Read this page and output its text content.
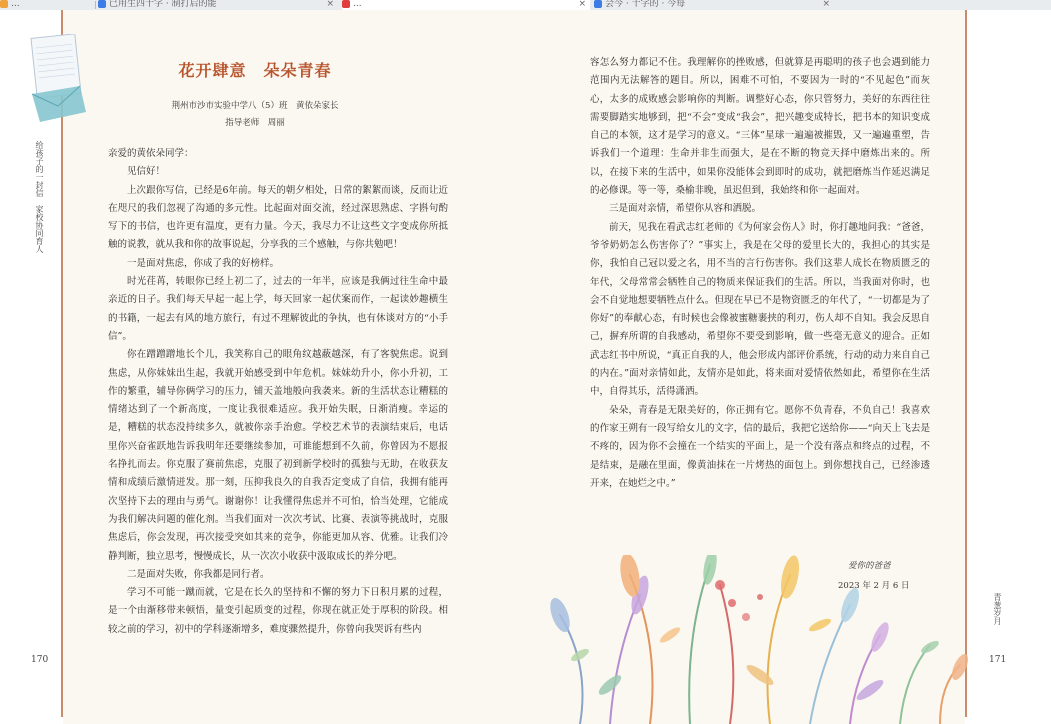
...	已用生四十字 · 制打后的能	×	...	×	会今 · 十字的 · 今每	×
给孩子的一封信　家校协同育人
170
花开肆意　朵朵青春
荆州市沙市实验中学八（5）班　黄依朵家长
指导老师　周丽

亲爱的黄依朵同学：

见信好！

上次跟你写信，已经是6年前。每天的朝夕相处，日常的絮絮而谈，反而让近在咫尺的我们忽视了沟通的多元性。比起面对面交流，经过深思熟虑、字斟句酌写下的书信，也许更有温度，更有力量。今天，我尽力不让这些文字变成你所抵触的说教，就从我和你的故事说起，分享我的三个感触，与你共勉吧！

一是面对焦虑，你成了我的好榜样。

时光荏苒，转眼你已经上初二了，过去的一年半，应该是我俩过往生命中最亲近的日子。我们每天早起一起上学，每天回家一起伏案而作，一起读妙趣横生的书籍，一起去有风的地方旅行，有过不理解彼此的争执，也有休谈对方的“小手信”。

你在蹭蹭蹭地长个儿，我笑称自己的眼角纹越蔽越深，有了客貌焦虑。说到焦虑，从你妹妹出生起，我就开始感受到中年危机。妹妹幼升小，你小升初，工作的繁重，辅导你俩学习的压力，铺天盖地般向我袭来。新的生活状态让糟糕的情绪达到了一个新高度，一度让我很难适应。我开始失眠，日渐消瘦。幸运的是，糟糕的状态没持续多久，就被你亲手治愈。学校艺术节的表演结束后，电话里你兴奋雀跃地告诉我明年还要继续参加，可谁能想到不久前，你曾因为不愿报名挣扎而去。你克服了赛前焦虑，克服了初到新学校时的孤独与无助，在收获友情和成绩后激情迸发。那一刻，压抑我良久的自我否定变成了自信，我拥有能再次坚持下去的理由与勇气。谢谢你！让我懂得焦虑并不可怕，恰当处理，它能成为我们解决问题的催化剂。当我们面对一次次考试、比赛、表演等挑战时，克服焦虑后，你会发现，再次接受突如其来的竞争，你能更加从容、优雅。让我们冷静判断，独立思考，慢慢成长，从一次次小收获中汲取成长的养分吧。

二是面对失败，你我都是同行者。

学习不可能一蹴而就，它是在长久的坚持和不懈的努力下日积月累的过程，是一个由渐移带来顿悟，量变引起质变的过程，你现在就正处于厚积的阶段。相较之前的学习，初中的学科逐渐增多，难度骤然提升，你曾向我哭诉有些内

容怎么努力都记不住。我理解你的挫败感，但就算是再聪明的孩子也会遇到能力范围内无法解答的题目。所以，困难不可怕，不要因为一时的“不见起色”而灰心，太多的成败感会影响你的判断。调整好心态，你只管努力，美好的东西往往需要脚踏实地够到，把“不会”变成“我会”，把兴趣变成特长，把书本的知识变成自己的本领，这才是学习的意义。“三体”星球一遍遍被摧毁，又一遍遍重塑，告诉我们一个道理：生命并非生而强大，是在不断的物竞天择中磨炼出来的。所以，在接下来的生活中，如果你没能体会到即时的成功，就把磨炼当作延迟满足的必修课。等一等，桑榆非晚，虽迟但到，我始终和你一起面对。

三是面对亲情，希望你从容和洒脱。

前天，见我在看武志红老师的《为何家会伤人》时，你打趣地问我：“爸爸，爷爷奶奶怎么伤害你了？”事实上，我是在父母的爱里长大的，我担心的其实是你，我怕自己冠以爱之名，用不当的言行伤害你。我们这辈人成长在物质匮乏的年代，父母常常会牺牲自己的物质来保证我们的生活。所以，当我面对你时，也会不自觉地想要牺牲点什么。但现在早已不是物资匮乏的年代了，“一切都是为了你好”的奉献心态，有时候也会像被蜜糖裹挟的利刃，伤人却不自知。我会反思自己，摒弃所谓的自我感动，希望你不要受到影响，做一些毫无意义的迎合。正如武志红书中所说，“真正自我的人，他会形成内部评价系统，行动的动力来自自己的内在。”面对亲情如此，友情亦是如此，将来面对爱情依然如此，希望你在生活中，自得其乐，活得潇洒。

朵朵，青春是无限美好的，你正拥有它。愿你不负青春，不负自己！我喜欢的作家王朔有一段写给女儿的文字，信的最后，我把它送给你——“向天上飞去是不疼的，因为你不会撞在一个结实的平面上，是一个没有落点和终点的过程，不是结束，是融在里面，像黄油抹在一片烤热的面包上。到你想找自己，已经渗透开来，在她烂之中。”

爱你的爸爸
2023 年 2 月 6 日
青葱岁月
171
